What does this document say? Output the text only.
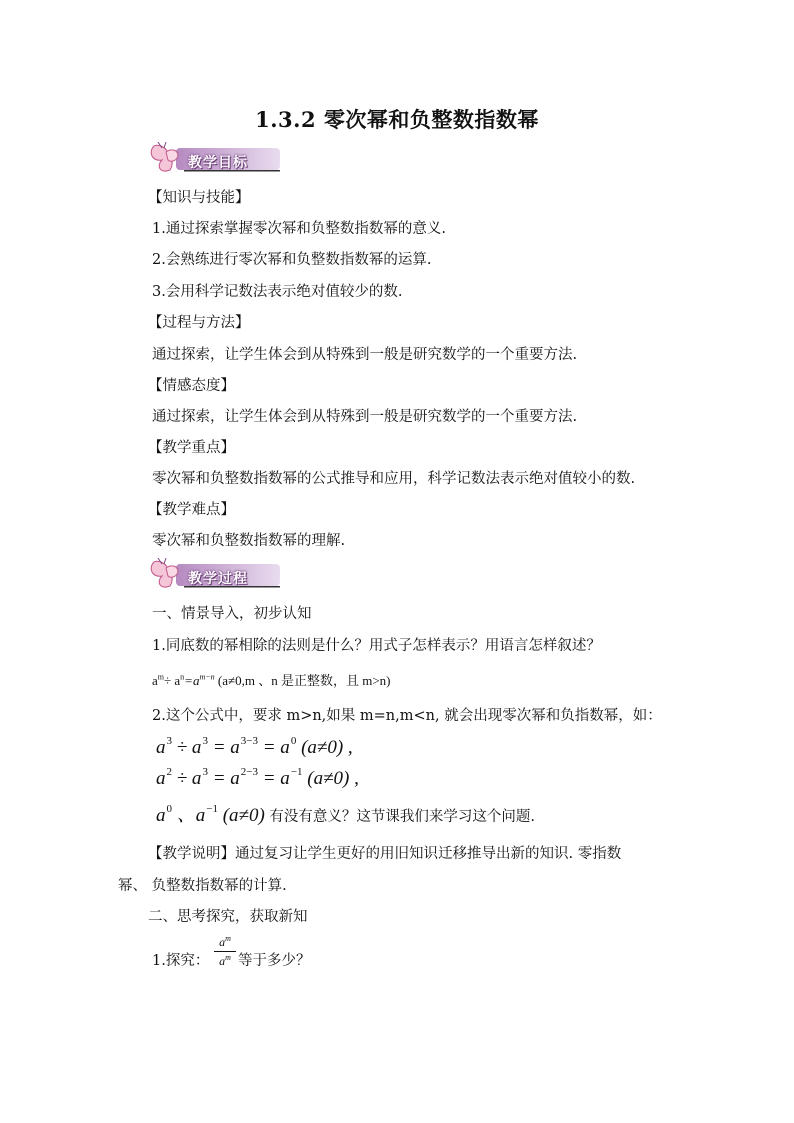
1.3.2 零次幂和负整数指数幂
教学目标
【知识与技能】
1.通过探索掌握零次幂和负整数指数幂的意义.
2.会熟练进行零次幂和负整数指数幂的运算.
3.会用科学记数法表示绝对值较少的数.
【过程与方法】
通过探索，让学生体会到从特殊到一般是研究数学的一个重要方法.
【情感态度】
通过探索，让学生体会到从特殊到一般是研究数学的一个重要方法.
【教学重点】
零次幂和负整数指数幂的公式推导和应用，科学记数法表示绝对值较小的数.
【教学难点】
零次幂和负整数指数幂的理解.
教学过程
一、情景导入，初步认知
1.同底数的幂相除的法则是什么？用式子怎样表示？用语言怎样叙述？
$a^m\div a^n=a^{m-n}$ (a≠0,m 、n 是正整数，且 m>n)
2.这个公式中，要求 m>n,如果 m=n,m<n, 就会出现零次幂和负指数幂，如：
$a^3 \div a^3 = a^{3-3} = a^0$ (a≠0) ,
$a^2 \div a^3 = a^{2-3} = a^{-1}$ (a≠0) ,
$a^0$ 、$a^{-1}$ (a≠0) 有没有意义？这节课我们来学习这个问题.
【教学说明】通过复习让学生更好的用旧知识迁移推导出新的知识. 零指数
幂、 负整数指数幂的计算.
二、思考探究，获取新知
1.探究： $\frac{a^m}{a^m}$ 等于多少？
